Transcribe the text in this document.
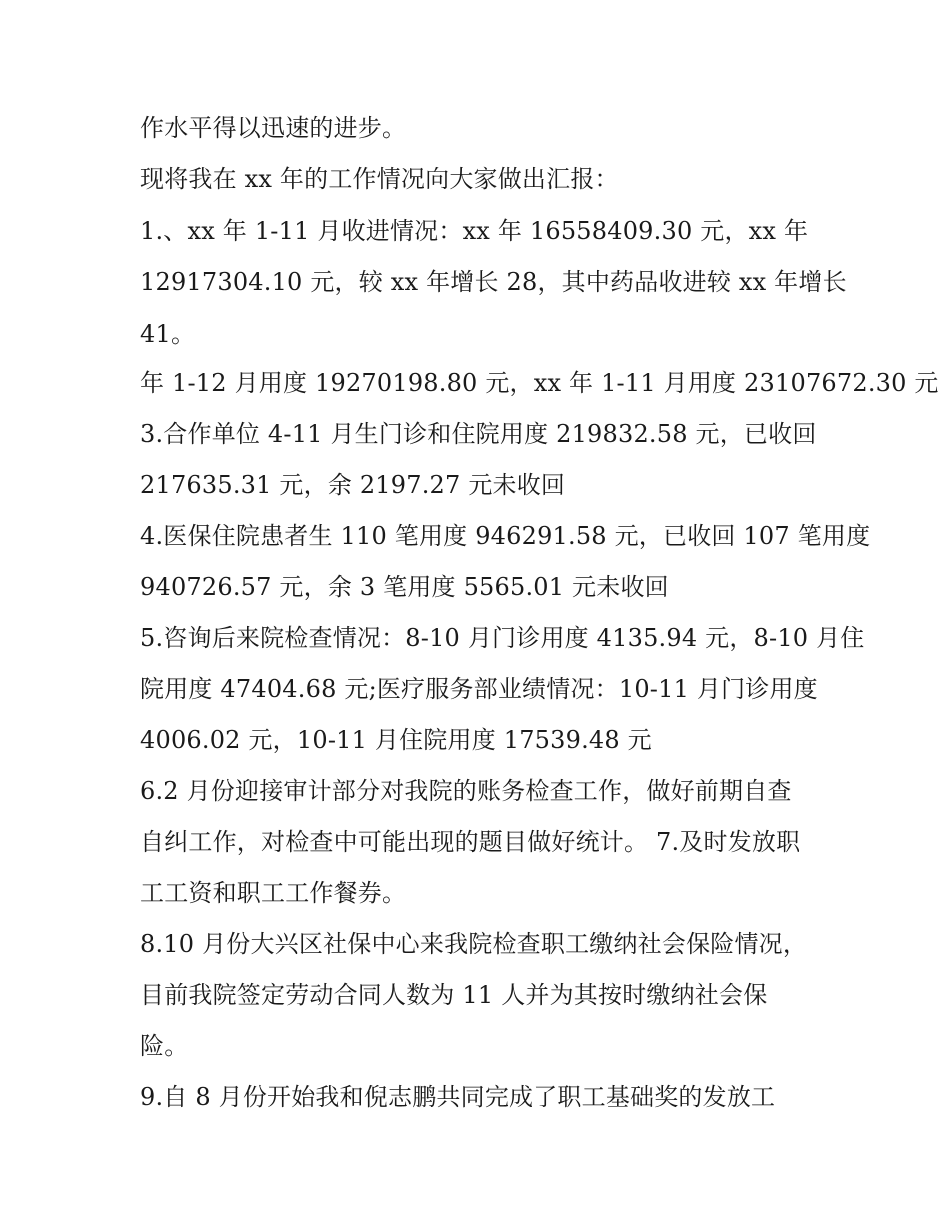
作水平得以迅速的进步。
现将我在 xx 年的工作情况向大家做出汇报：
1.、xx 年 1-11 月收进情况：xx 年 16558409.30 元，xx 年
12917304.10 元，较 xx 年增长 28，其中药品收进较 xx 年增长
41。
年 1-12 月用度 19270198.80 元，xx 年 1-11 月用度 23107672.30 元
3.合作单位 4-11 月生门诊和住院用度 219832.58 元，已收回
217635.31 元，余 2197.27 元未收回
4.医保住院患者生 110 笔用度 946291.58 元，已收回 107 笔用度
940726.57 元，余 3 笔用度 5565.01 元未收回
5.咨询后来院检查情况：8-10 月门诊用度 4135.94 元，8-10 月住
院用度 47404.68 元;医疗服务部业绩情况：10-11 月门诊用度
4006.02 元，10-11 月住院用度 17539.48 元
6.2 月份迎接审计部分对我院的账务检查工作，做好前期自查
自纠工作，对检查中可能出现的题目做好统计。 7.及时发放职
工工资和职工工作餐券。
8.10 月份大兴区社保中心来我院检查职工缴纳社会保险情况，
目前我院签定劳动合同人数为 11 人并为其按时缴纳社会保
险。
9.自 8 月份开始我和倪志鹏共同完成了职工基础奖的发放工
